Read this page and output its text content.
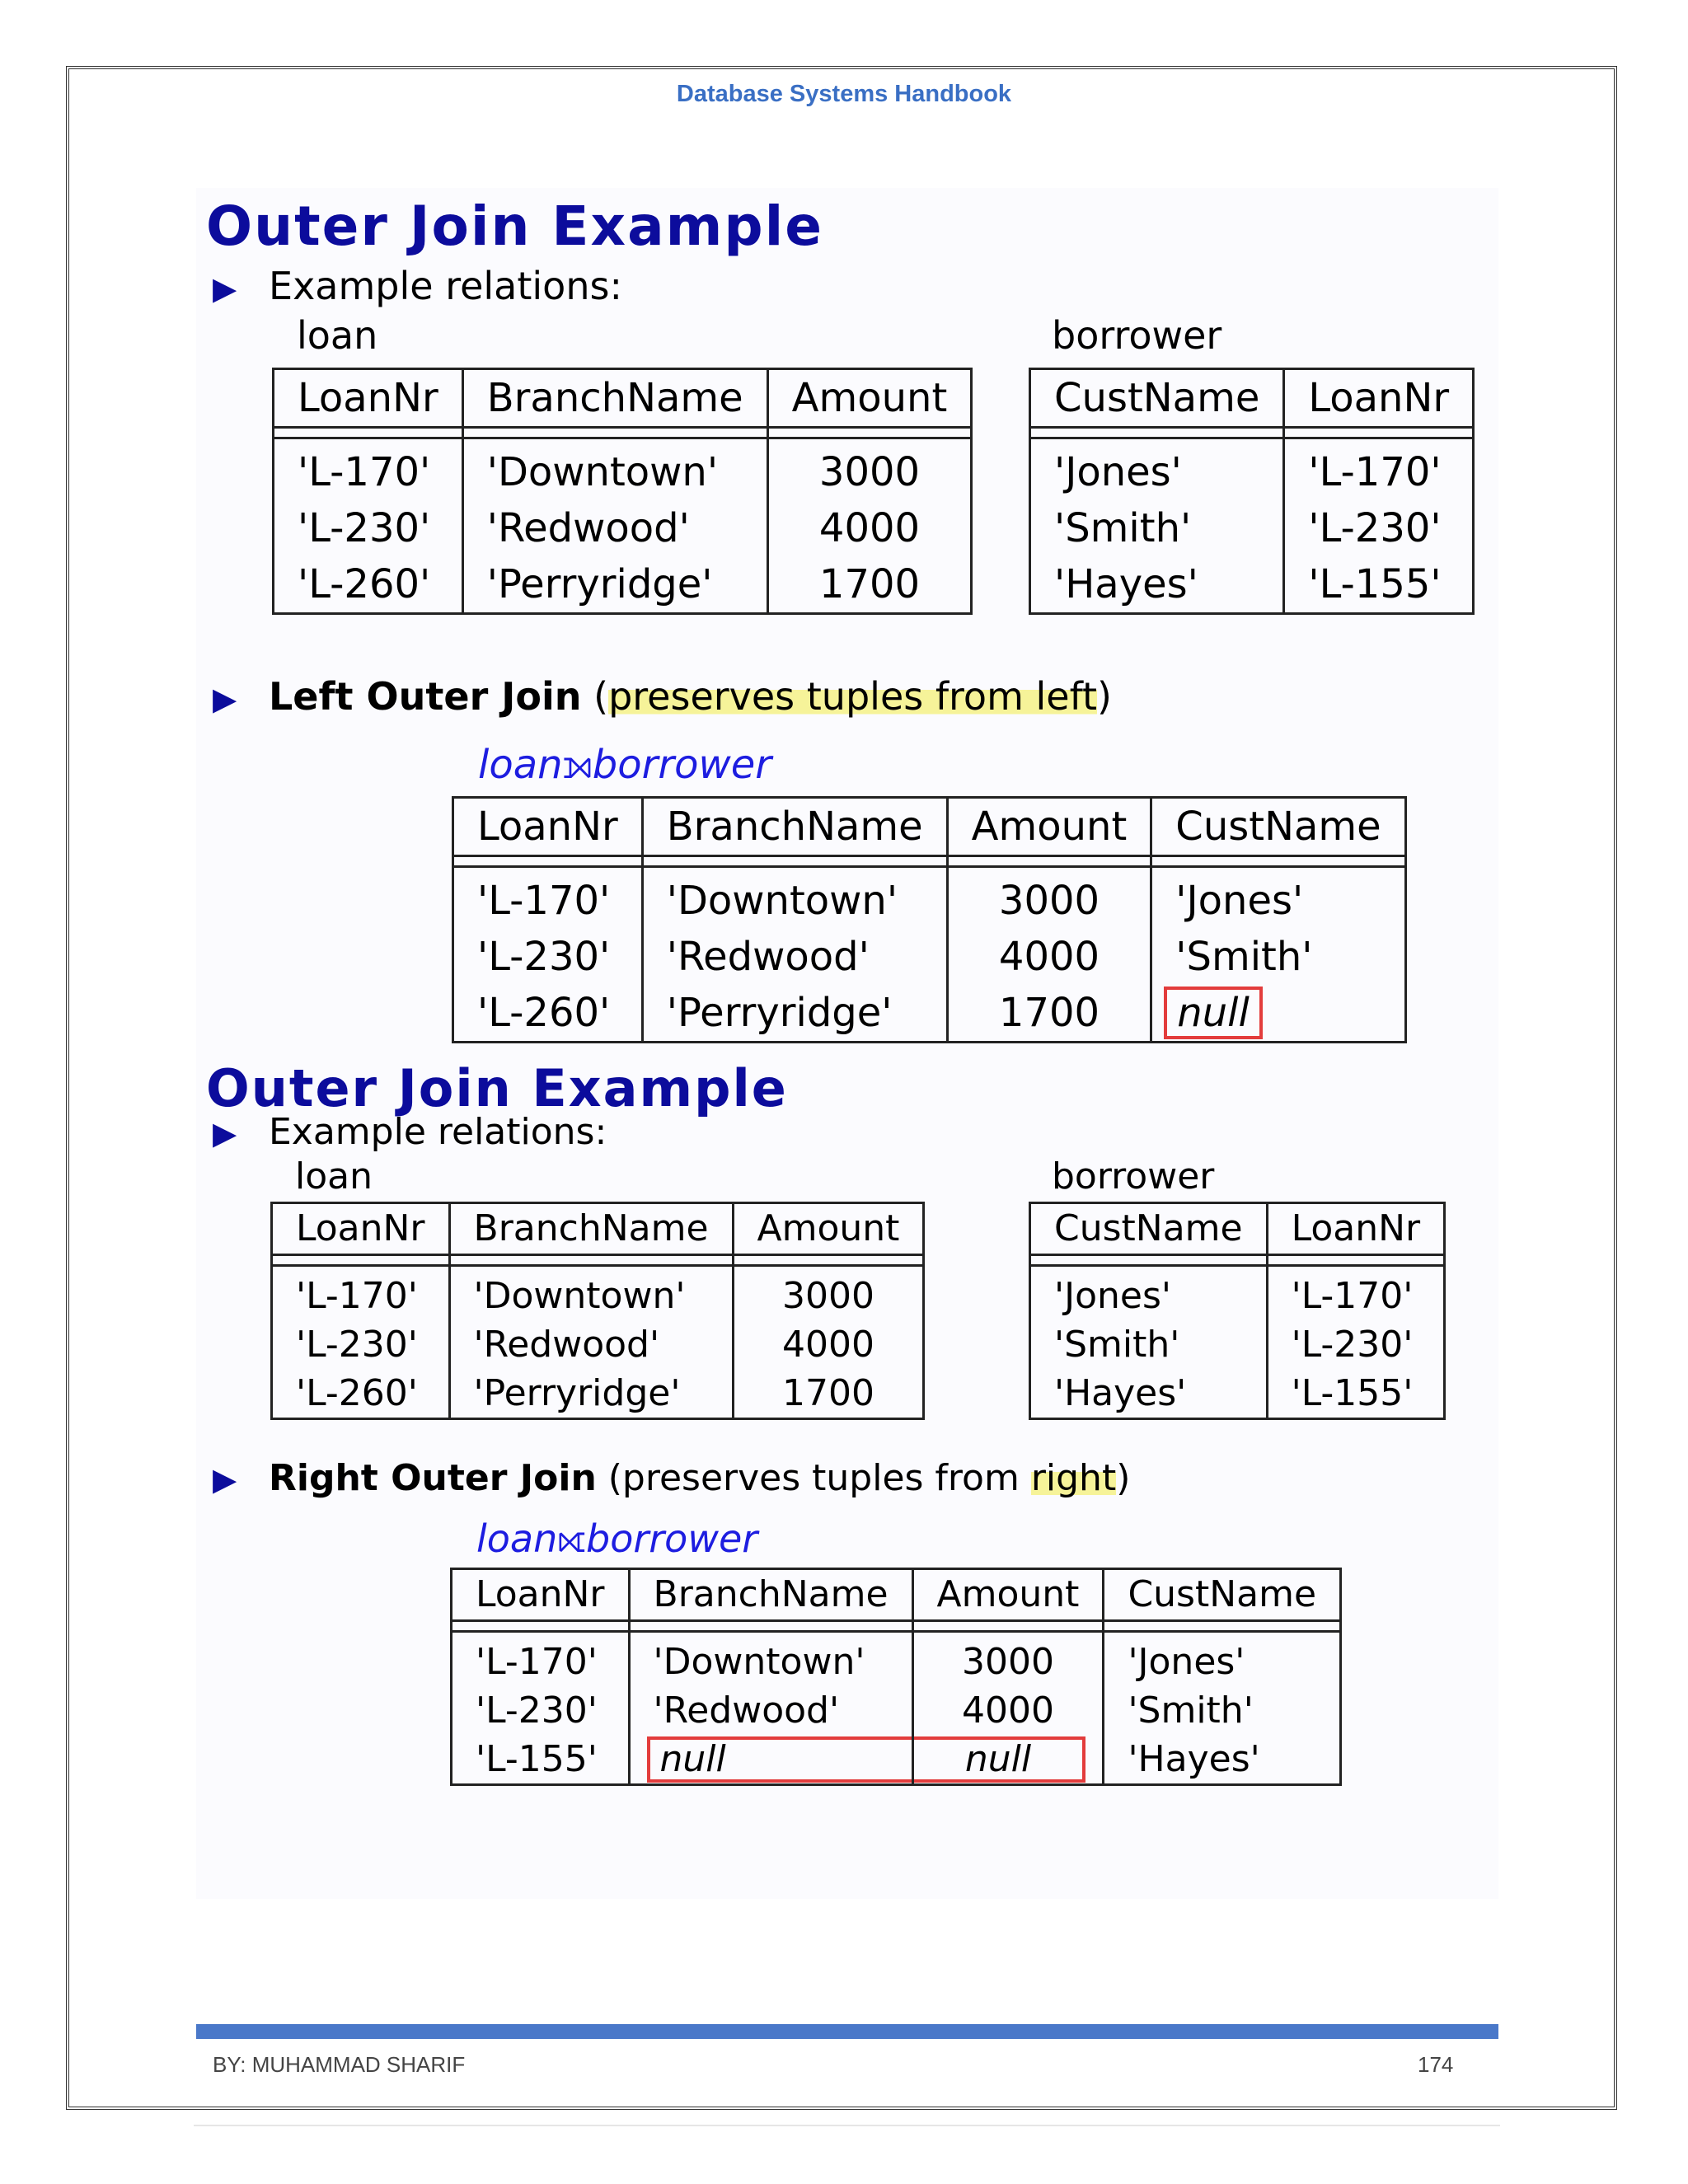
Database Systems Handbook
Outer Join Example
▶ Example relations:
loan	borrower
LoanNr	BranchName	Amount

'L-170'	'Downtown'	3000
'L-230'	'Redwood'	4000
'L-260'	'Perryridge'	1700
CustName	LoanNr

'Jones'	'L-170'
'Smith'	'L-230'
'Hayes'	'L-155'
▶ Left Outer Join (preserves tuples from left)
loan⟕borrower
LoanNr	BranchName	Amount	CustName

'L-170'	'Downtown'	3000	'Jones'
'L-230'	'Redwood'	4000	'Smith'
'L-260'	'Perryridge'	1700	null
Outer Join Example
▶ Example relations:
loan	borrower
LoanNr	BranchName	Amount

'L-170'	'Downtown'	3000
'L-230'	'Redwood'	4000
'L-260'	'Perryridge'	1700
CustName	LoanNr

'Jones'	'L-170'
'Smith'	'L-230'
'Hayes'	'L-155'
▶ Right Outer Join (preserves tuples from right)
loan⟖borrower
LoanNr	BranchName	Amount	CustName

'L-170'	'Downtown'	3000	'Jones'
'L-230'	'Redwood'	4000	'Smith'
'L-155'	null	null	'Hayes'
BY: MUHAMMAD SHARIF	174
